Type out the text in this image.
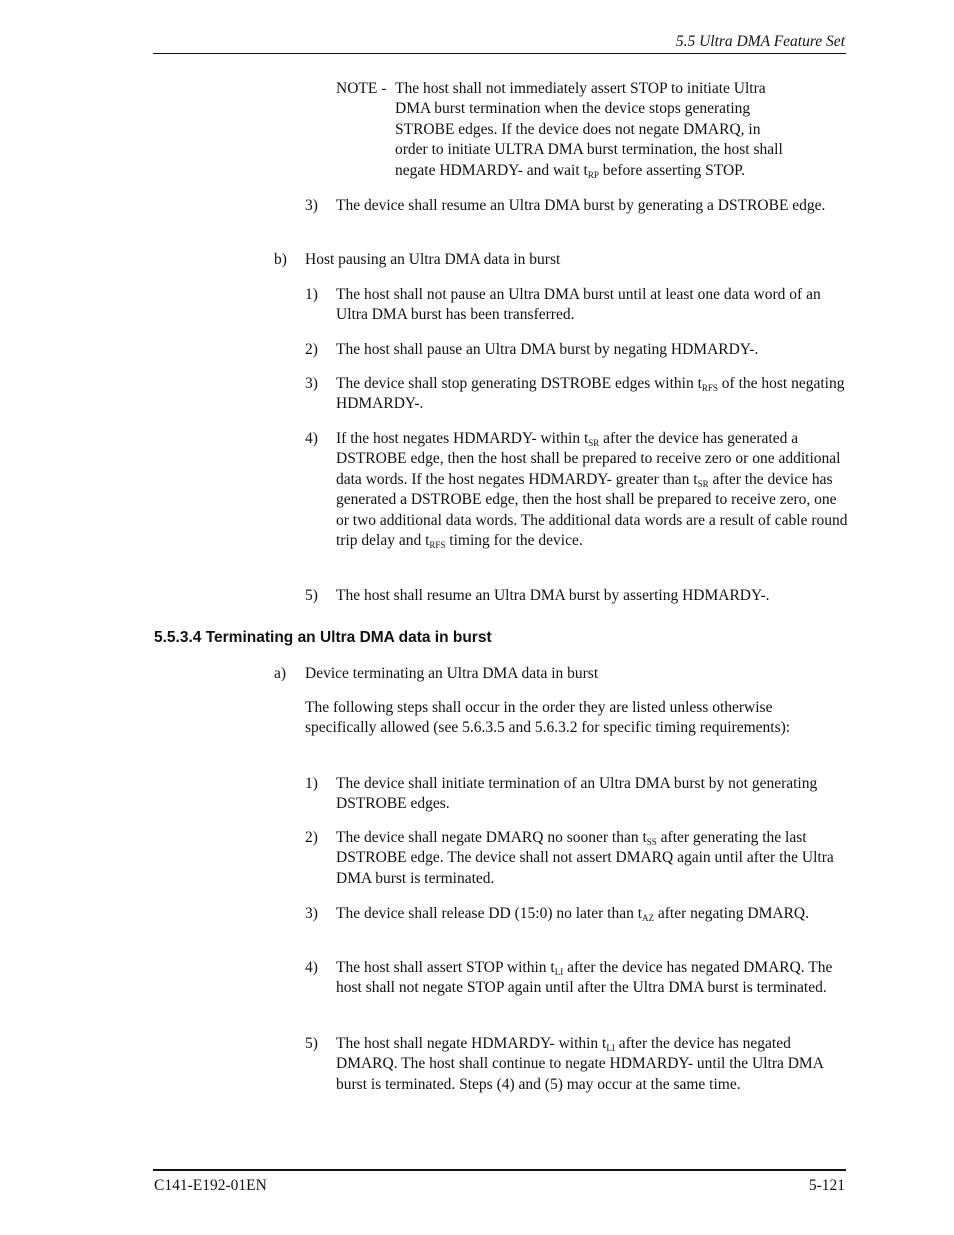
5.5 Ultra DMA Feature Set
NOTE - The host shall not immediately assert STOP to initiate Ultra
DMA burst termination when the device stops generating
STROBE edges. If the device does not negate DMARQ, in
order to initiate ULTRA DMA burst termination, the host shall
negate HDMARDY- and wait $t_{RP}$ before asserting STOP.
3) The device shall resume an Ultra DMA burst by generating a DSTROBE edge.
b) Host pausing an Ultra DMA data in burst
1) The host shall not pause an Ultra DMA burst until at least one data word of an Ultra DMA burst has been transferred.
2) The host shall pause an Ultra DMA burst by negating HDMARDY-.
3) The device shall stop generating DSTROBE edges within $t_{RFS}$ of the host negating HDMARDY-.
4) If the host negates HDMARDY- within $t_{SR}$ after the device has generated a DSTROBE edge, then the host shall be prepared to receive zero or one additional data words. If the host negates HDMARDY- greater than $t_{SR}$ after the device has generated a DSTROBE edge, then the host shall be prepared to receive zero, one or two additional data words. The additional data words are a result of cable round trip delay and $t_{RFS}$ timing for the device.
5) The host shall resume an Ultra DMA burst by asserting HDMARDY-.
5.5.3.4 Terminating an Ultra DMA data in burst
a) Device terminating an Ultra DMA data in burst
The following steps shall occur in the order they are listed unless otherwise specifically allowed (see 5.6.3.5 and 5.6.3.2 for specific timing requirements):
1) The device shall initiate termination of an Ultra DMA burst by not generating DSTROBE edges.
2) The device shall negate DMARQ no sooner than $t_{SS}$ after generating the last DSTROBE edge. The device shall not assert DMARQ again until after the Ultra DMA burst is terminated.
3) The device shall release DD (15:0) no later than $t_{AZ}$ after negating DMARQ.
4) The host shall assert STOP within $t_{LI}$ after the device has negated DMARQ. The host shall not negate STOP again until after the Ultra DMA burst is terminated.
5) The host shall negate HDMARDY- within $t_{LI}$ after the device has negated DMARQ. The host shall continue to negate HDMARDY- until the Ultra DMA burst is terminated. Steps (4) and (5) may occur at the same time.
C141-E192-01EN	5-121
